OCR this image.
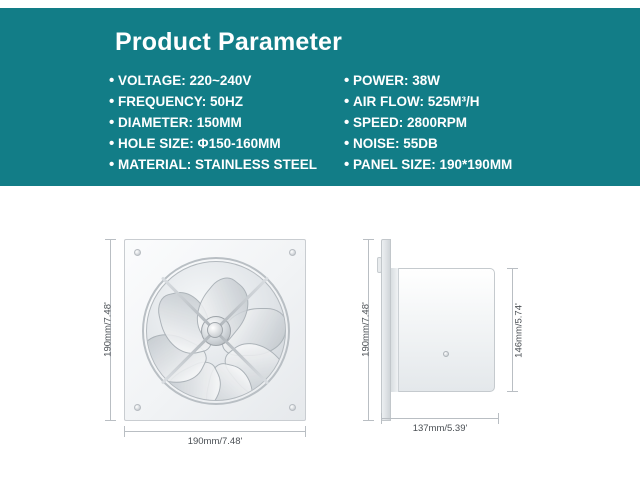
Product Parameter
• VOLTAGE: 220~240V
• FREQUENCY: 50HZ
• DIAMETER: 150MM
• HOLE SIZE: Φ150-160MM
• MATERIAL: STAINLESS STEEL
• POWER: 38W
• AIR FLOW: 525M³/H
• SPEED: 2800RPM
• NOISE: 55DB
• PANEL SIZE: 190*190MM
190mm/7.48'
190mm/7.48'
190mm/7.48'	146mm/5.74'
137mm/5.39'
